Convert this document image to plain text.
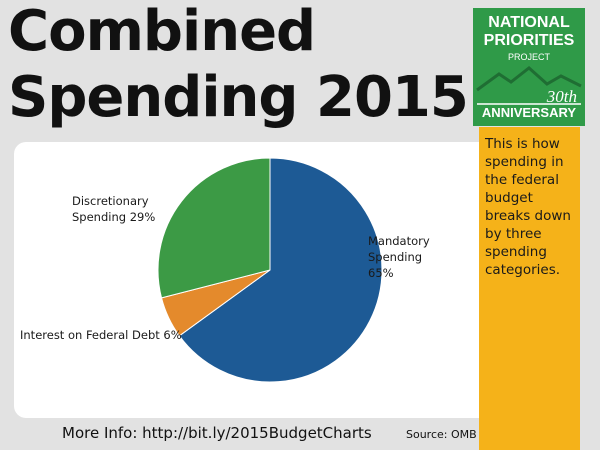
Combined
Spending 2015
NATIONAL
PRIORITIES
PROJECT
30th
ANNIVERSARY
Mandatory
Spending
65%
Interest on Federal Debt 6%
Discretionary
Spending 29%
This is how spending in the federal budget breaks down by three spending categories.
More Info: http://bit.ly/2015BudgetCharts	Source: OMB
